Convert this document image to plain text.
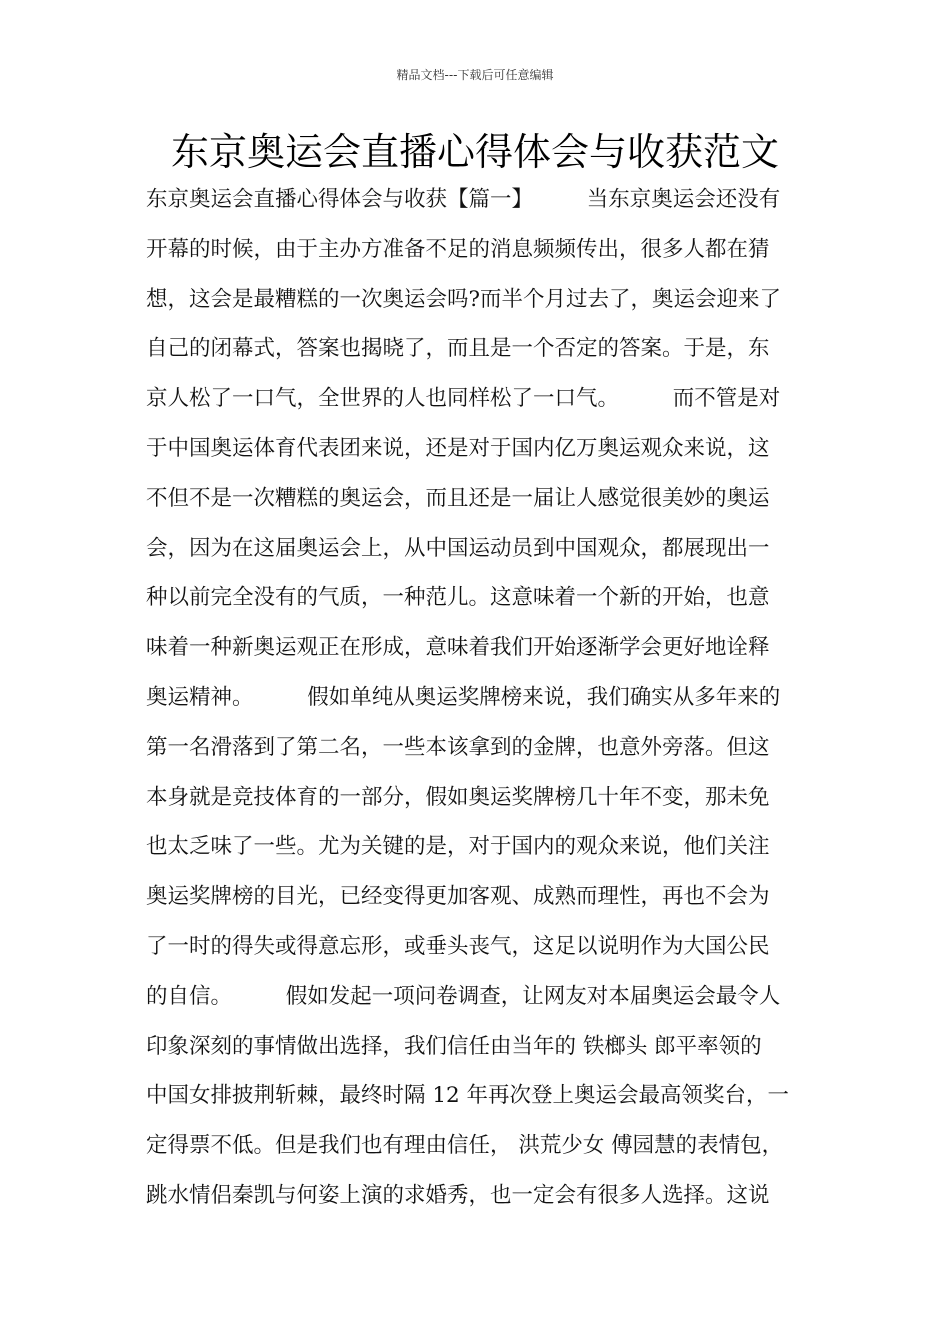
精品文档---下载后可任意编辑
东京奥运会直播心得体会与收获范文
东京奥运会直播心得体会与收获【篇一】　　　当东京奥运会还没有
开幕的时候，由于主办方准备不足的消息频频传出，很多人都在猜
想，这会是最糟糕的一次奥运会吗?而半个月过去了，奥运会迎来了
自己的闭幕式，答案也揭晓了，而且是一个否定的答案。于是，东
京人松了一口气，全世界的人也同样松了一口气。　　　而不管是对
于中国奥运体育代表团来说，还是对于国内亿万奥运观众来说，这
不但不是一次糟糕的奥运会，而且还是一届让人感觉很美妙的奥运
会，因为在这届奥运会上，从中国运动员到中国观众，都展现出一
种以前完全没有的气质，一种范儿。这意味着一个新的开始，也意
味着一种新奥运观正在形成，意味着我们开始逐渐学会更好地诠释
奥运精神。　　　假如单纯从奥运奖牌榜来说，我们确实从多年来的
第一名滑落到了第二名，一些本该拿到的金牌，也意外旁落。但这
本身就是竞技体育的一部分，假如奥运奖牌榜几十年不变，那未免
也太乏味了一些。尤为关键的是，对于国内的观众来说，他们关注
奥运奖牌榜的目光，已经变得更加客观、成熟而理性，再也不会为
了一时的得失或得意忘形，或垂头丧气，这足以说明作为大国公民
的自信。　　　假如发起一项问卷调查，让网友对本届奥运会最令人
印象深刻的事情做出选择，我们信任由当年的 铁榔头 郎平率领的
中国女排披荆斩棘，最终时隔 12 年再次登上奥运会最高领奖台，一
定得票不低。但是我们也有理由信任， 洪荒少女 傅园慧的表情包，
跳水情侣秦凯与何姿上演的求婚秀，也一定会有很多人选择。这说
